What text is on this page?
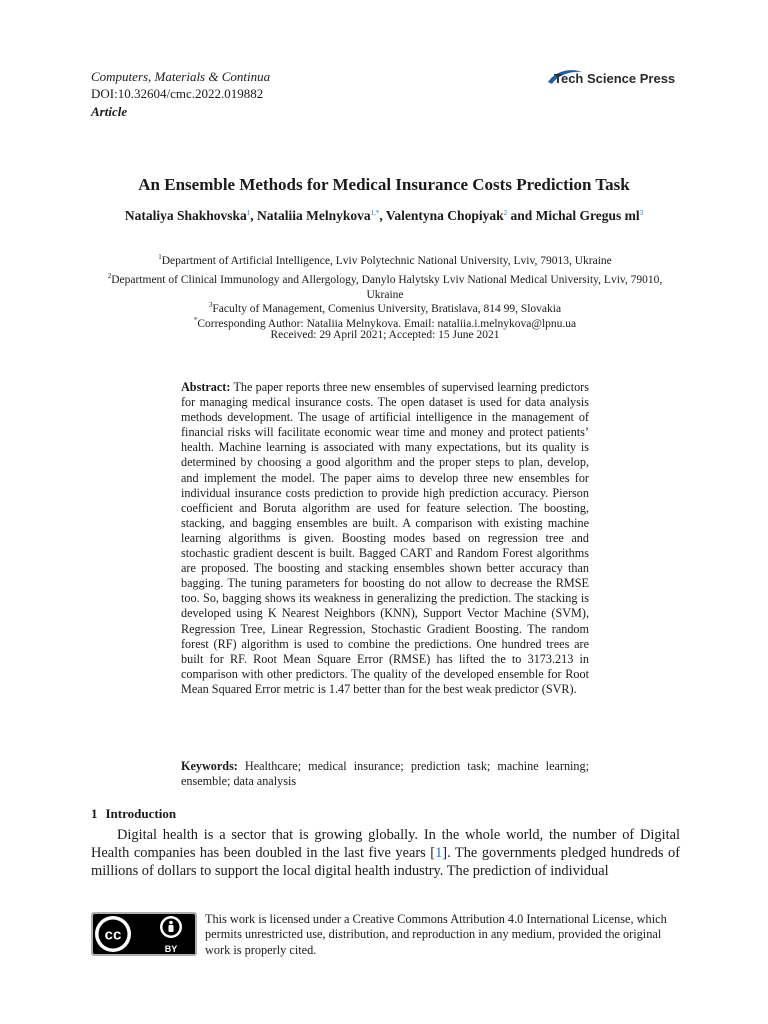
Computers, Materials & Continua
DOI:10.32604/cmc.2022.019882
Article
Tech Science Press
An Ensemble Methods for Medical Insurance Costs Prediction Task
Nataliya Shakhovska$^1$, Nataliia Melnykova$^{1,*}$, Valentyna Chopiyak$^2$ and Michal Gregus $ml^3$
$^1$Department of Artificial Intelligence, Lviv Polytechnic National University, Lviv, 79013, Ukraine
$^2$Department of Clinical Immunology and Allergology, Danylo Halytsky Lviv National Medical University, Lviv, 79010, Ukraine
$^3$Faculty of Management, Comenius University, Bratislava, 814 99, Slovakia
*Corresponding Author: Nataliia Melnykova. Email: nataliia.i.melnykova@lpnu.ua
Received: 29 April 2021; Accepted: 15 June 2021
Abstract: The paper reports three new ensembles of supervised learning predictors for managing medical insurance costs. The open dataset is used for data analysis methods development. The usage of artificial intelligence in the management of financial risks will facilitate economic wear time and money and protect patients’ health. Machine learning is associated with many expectations, but its quality is determined by choosing a good algorithm and the proper steps to plan, develop, and implement the model. The paper aims to develop three new ensembles for individual insurance costs prediction to provide high prediction accuracy. Pierson coefficient and Boruta algorithm are used for feature selection. The boosting, stacking, and bagging ensembles are built. A comparison with existing machine learning algorithms is given. Boosting modes based on regression tree and stochastic gradient descent is built. Bagged CART and Random Forest algorithms are proposed. The boosting and stacking ensembles shown better accuracy than bagging. The tuning parameters for boosting do not allow to decrease the RMSE too. So, bagging shows its weakness in generalizing the prediction. The stacking is developed using K Nearest Neighbors (KNN), Support Vector Machine (SVM), Regression Tree, Linear Regression, Stochastic Gradient Boosting. The random forest (RF) algorithm is used to combine the predictions. One hundred trees are built for RF. Root Mean Square Error (RMSE) has lifted the to 3173.213 in comparison with other predictors. The quality of the developed ensemble for Root Mean Squared Error metric is 1.47 better than for the best weak predictor (SVR).
Keywords: Healthcare; medical insurance; prediction task; machine learning; ensemble; data analysis
1 Introduction
Digital health is a sector that is growing globally. In the whole world, the number of Digital Health companies has been doubled in the last five years [1]. The governments pledged hundreds of millions of dollars to support the local digital health industry. The prediction of individual
cc
BY
This work is licensed under a Creative Commons Attribution 4.0 International License, which permits unrestricted use, distribution, and reproduction in any medium, provided the original work is properly cited.
